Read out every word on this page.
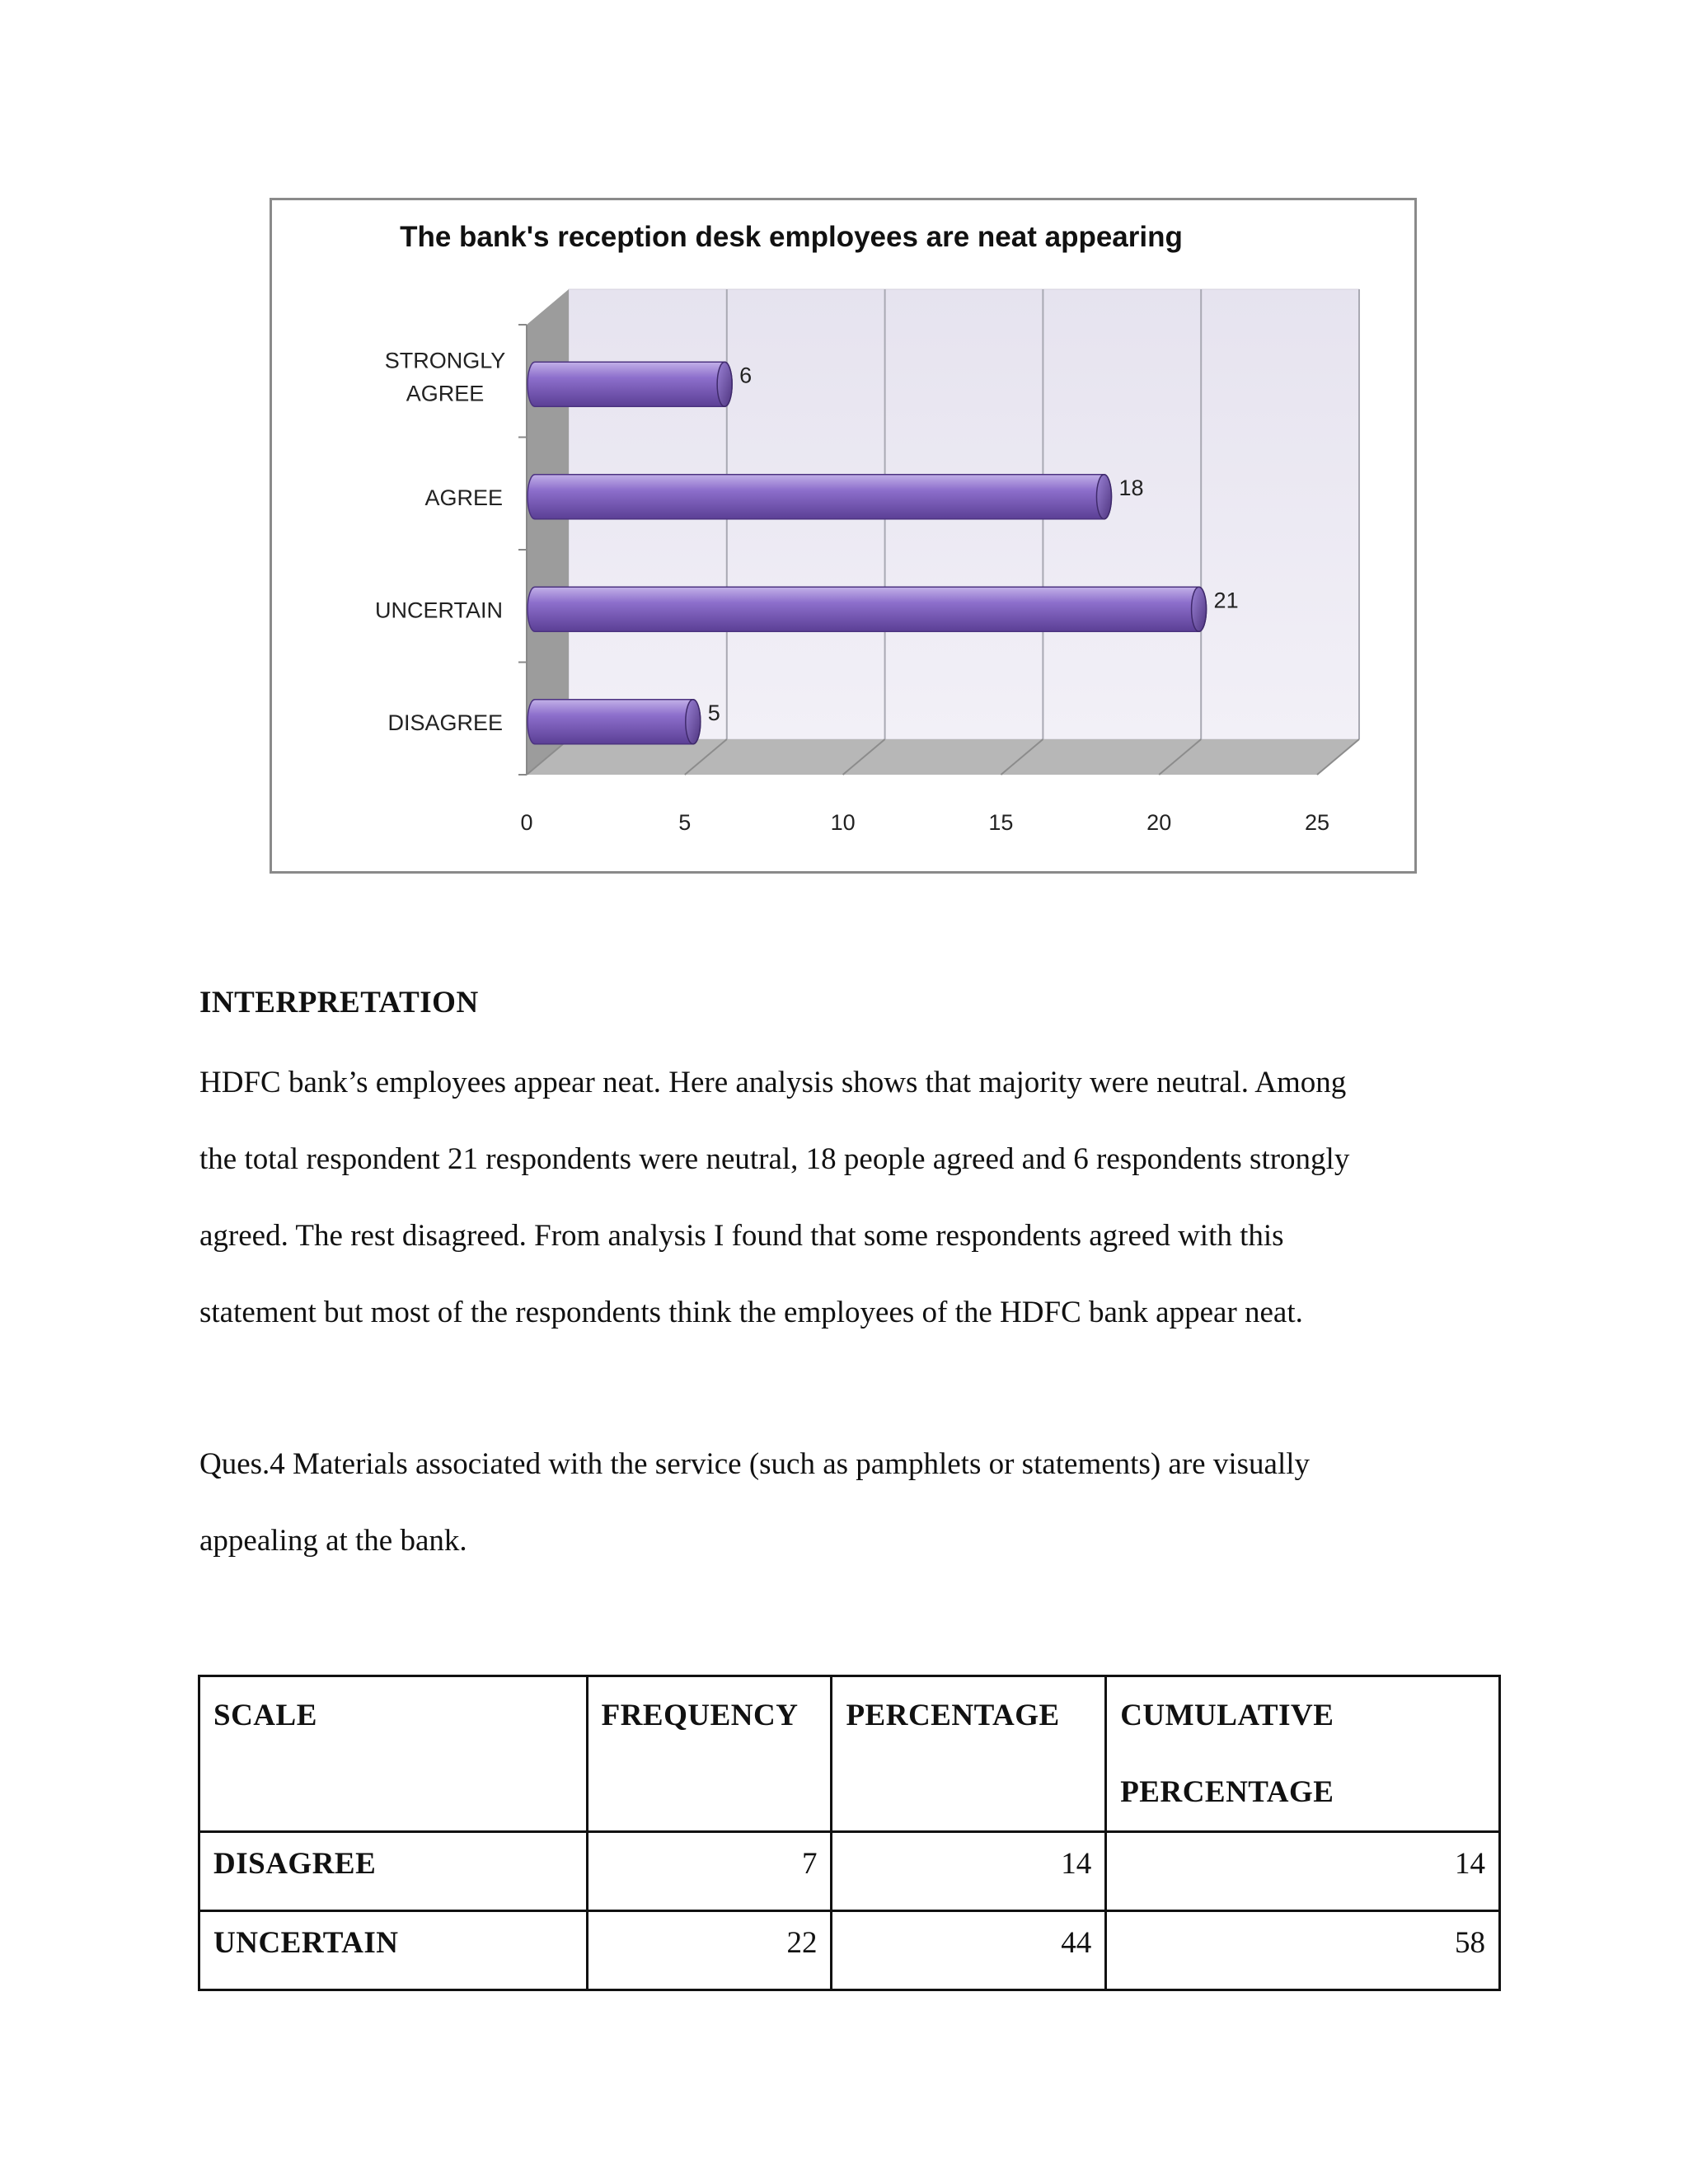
The bank's reception desk employees are neat appearing
STRONGLY
AGREE
AGREE
UNCERTAIN
DISAGREE
6
18
21
5
0	5	10	15	20	25
INTERPRETATION
HDFC bank’s employees appear neat. Here analysis shows that majority were neutral. Among
the total respondent 21 respondents were neutral, 18 people agreed and 6 respondents strongly
agreed. The rest disagreed. From analysis I found that some respondents agreed with this
statement but most of the respondents think the employees of the HDFC bank appear neat.
Ques.4 Materials associated with the service (such as pamphlets or statements) are visually
appealing at the bank.
SCALE	FREQUENCY	PERCENTAGE	CUMULATIVE
PERCENTAGE

DISAGREE	7	14	14
UNCERTAIN	22	44	58
